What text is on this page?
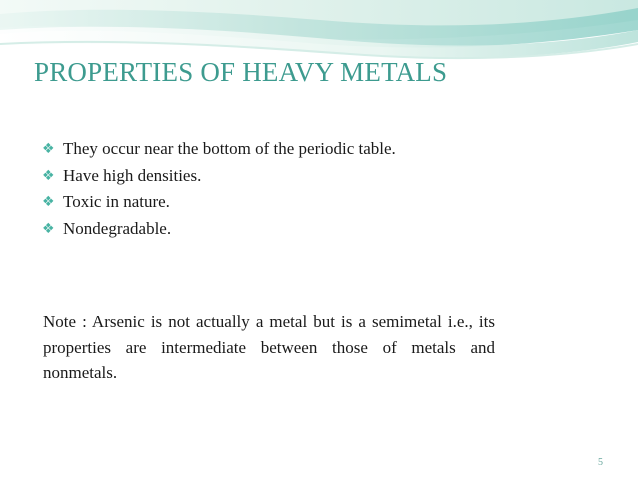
PROPERTIES OF HEAVY METALS
❖ They occur near the bottom of the periodic table.
❖ Have high densities.
❖ Toxic in nature.
❖ Nondegradable.

Note : Arsenic is not actually a metal but is a semimetal i.e., its properties are intermediate between those of metals and nonmetals.

5
